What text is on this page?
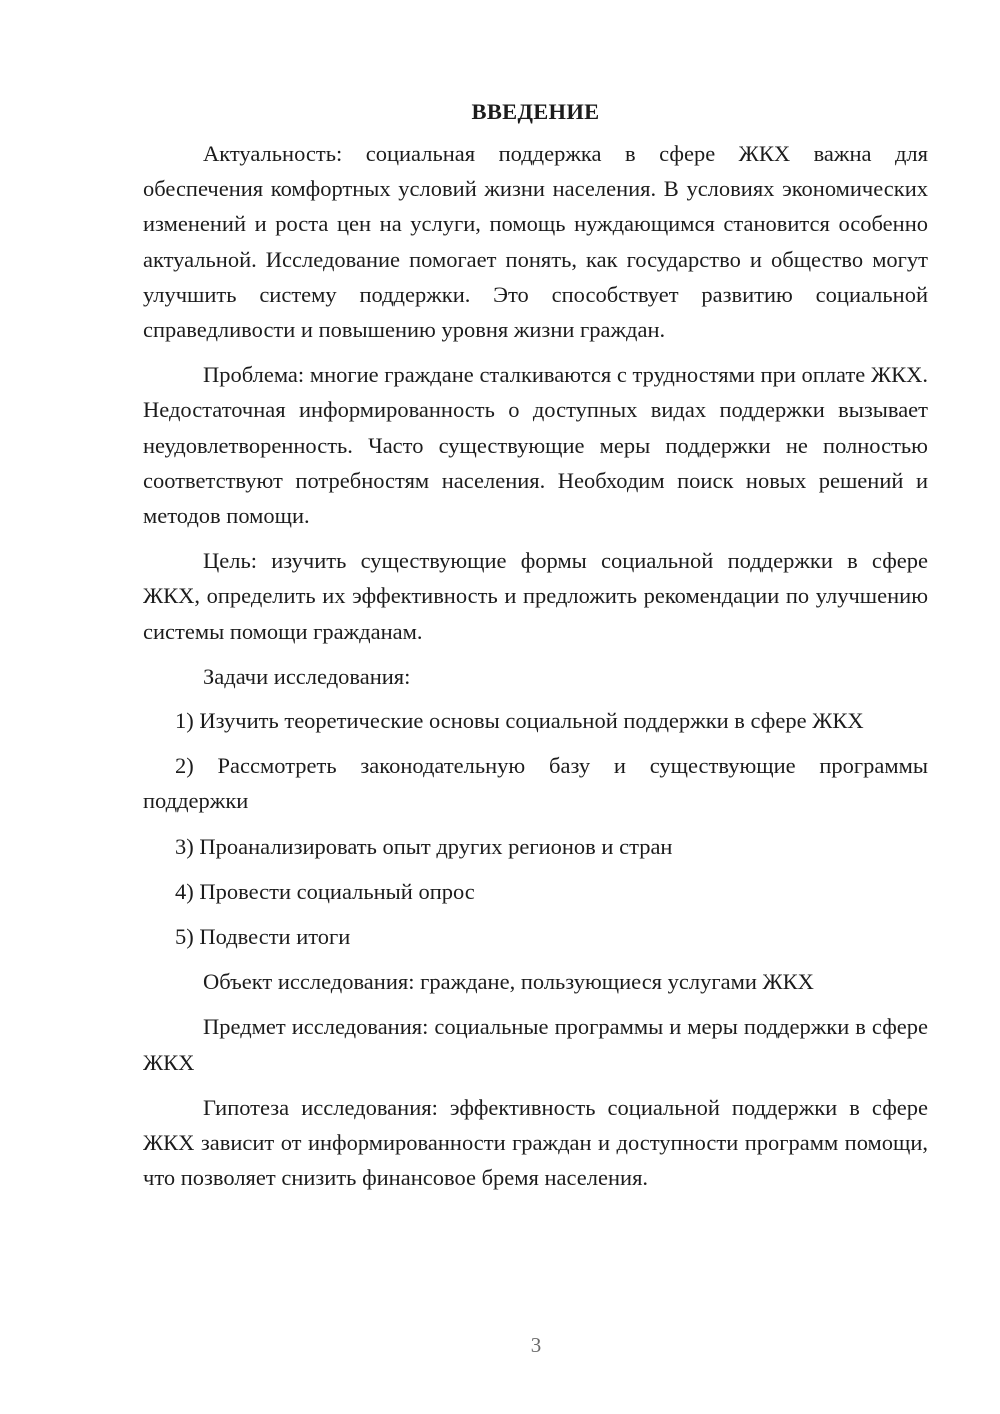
ВВЕДЕНИЕ

Актуальность: социальная поддержка в сфере ЖКХ важна для обеспечения комфортных условий жизни населения. В условиях экономических изменений и роста цен на услуги, помощь нуждающимся становится особенно актуальной. Исследование помогает понять, как государство и общество могут улучшить систему поддержки. Это способствует развитию социальной справедливости и повышению уровня жизни граждан.

Проблема: многие граждане сталкиваются с трудностями при оплате ЖКХ. Недостаточная информированность о доступных видах поддержки вызывает неудовлетворенность. Часто существующие меры поддержки не полностью соответствуют потребностям населения. Необходим поиск новых решений и методов помощи.

Цель: изучить существующие формы социальной поддержки в сфере ЖКХ, определить их эффективность и предложить рекомендации по улучшению системы помощи гражданам.

Задачи исследования:

1) Изучить теоретические основы социальной поддержки в сфере ЖКХ
2) Рассмотреть законодательную базу и существующие программы поддержки
3) Проанализировать опыт других регионов и стран
4) Провести социальный опрос
5) Подвести итоги

Объект исследования: граждане, пользующиеся услугами ЖКХ

Предмет исследования: социальные программы и меры поддержки в сфере ЖКХ

Гипотеза исследования: эффективность социальной поддержки в сфере ЖКХ зависит от информированности граждан и доступности программ помощи, что позволяет снизить финансовое бремя населения.

3
